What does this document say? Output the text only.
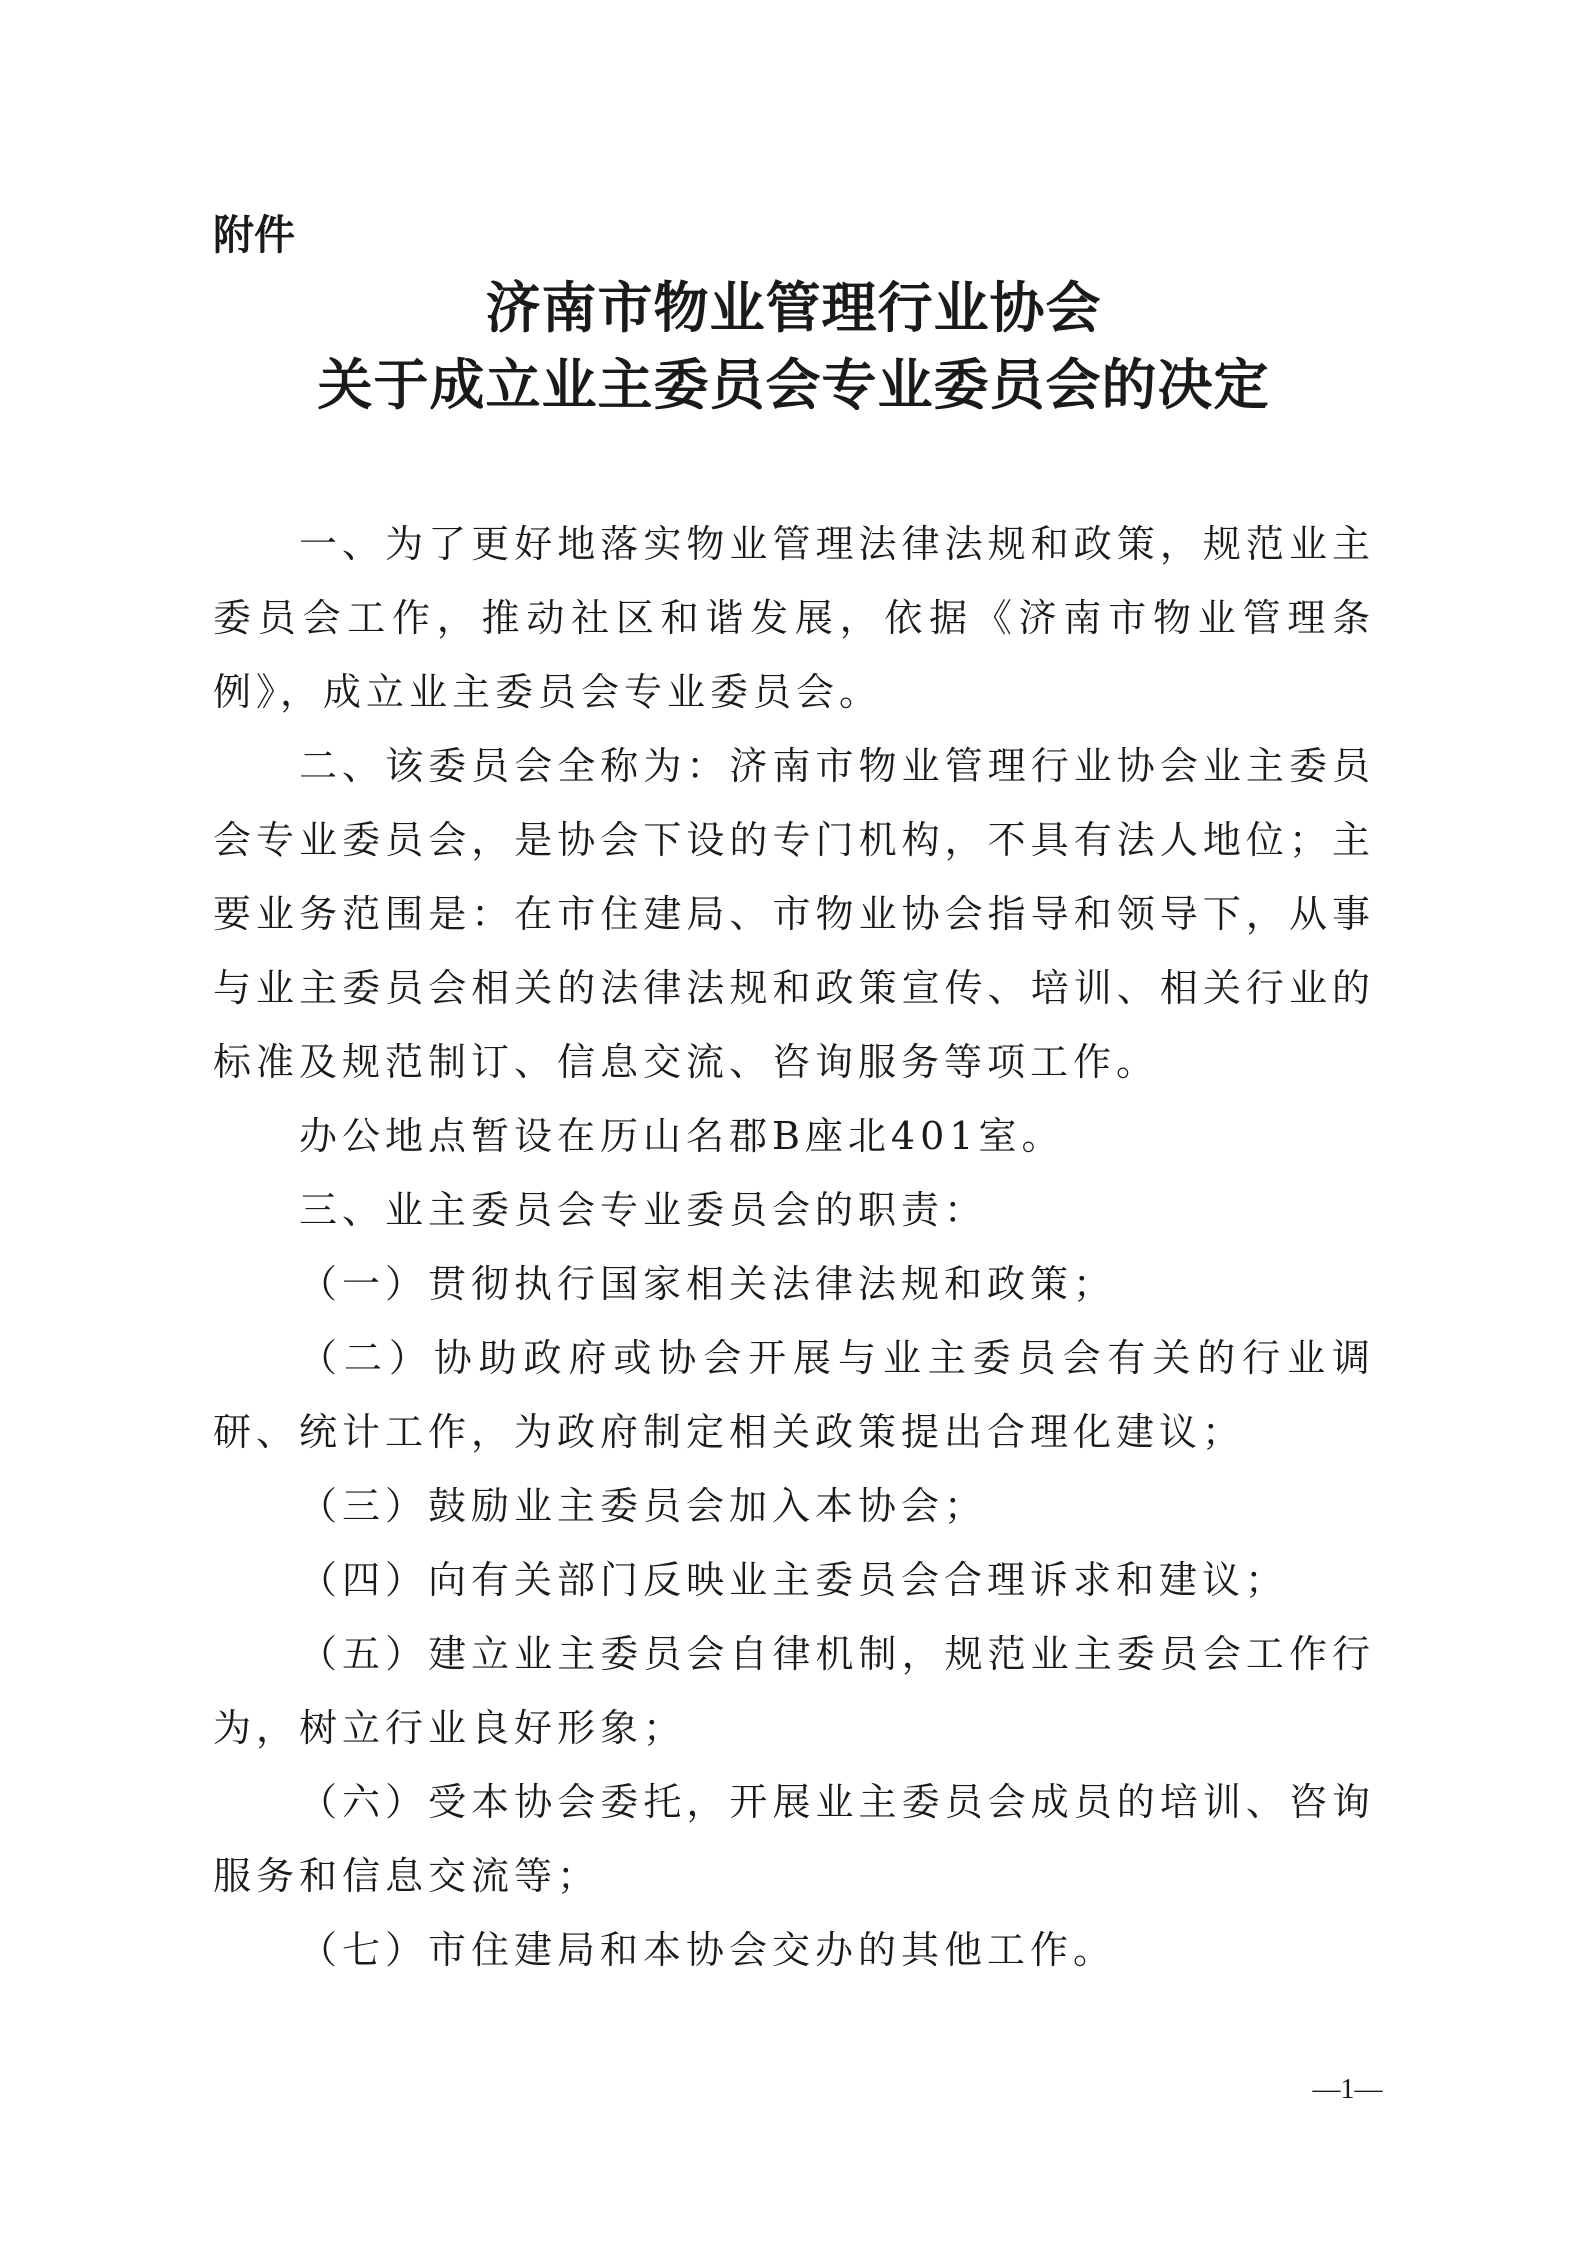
附件
济南市物业管理行业协会
关于成立业主委员会专业委员会的决定

一、为了更好地落实物业管理法律法规和政策，规范业主委员会工作，推动社区和谐发展，依据《济南市物业管理条例》，成立业主委员会专业委员会。

二、该委员会全称为：济南市物业管理行业协会业主委员会专业委员会，是协会下设的专门机构，不具有法人地位；主要业务范围是：在市住建局、市物业协会指导和领导下，从事与业主委员会相关的法律法规和政策宣传、培训、相关行业的标准及规范制订、信息交流、咨询服务等项工作。

办公地点暂设在历山名郡B座北401室。

三、业主委员会专业委员会的职责：

（一）贯彻执行国家相关法律法规和政策；

（二）协助政府或协会开展与业主委员会有关的行业调研、统计工作，为政府制定相关政策提出合理化建议；

（三）鼓励业主委员会加入本协会；

（四）向有关部门反映业主委员会合理诉求和建议；

（五）建立业主委员会自律机制，规范业主委员会工作行为，树立行业良好形象；

（六）受本协会委托，开展业主委员会成员的培训、咨询服务和信息交流等；

（七）市住建局和本协会交办的其他工作。

—1—
